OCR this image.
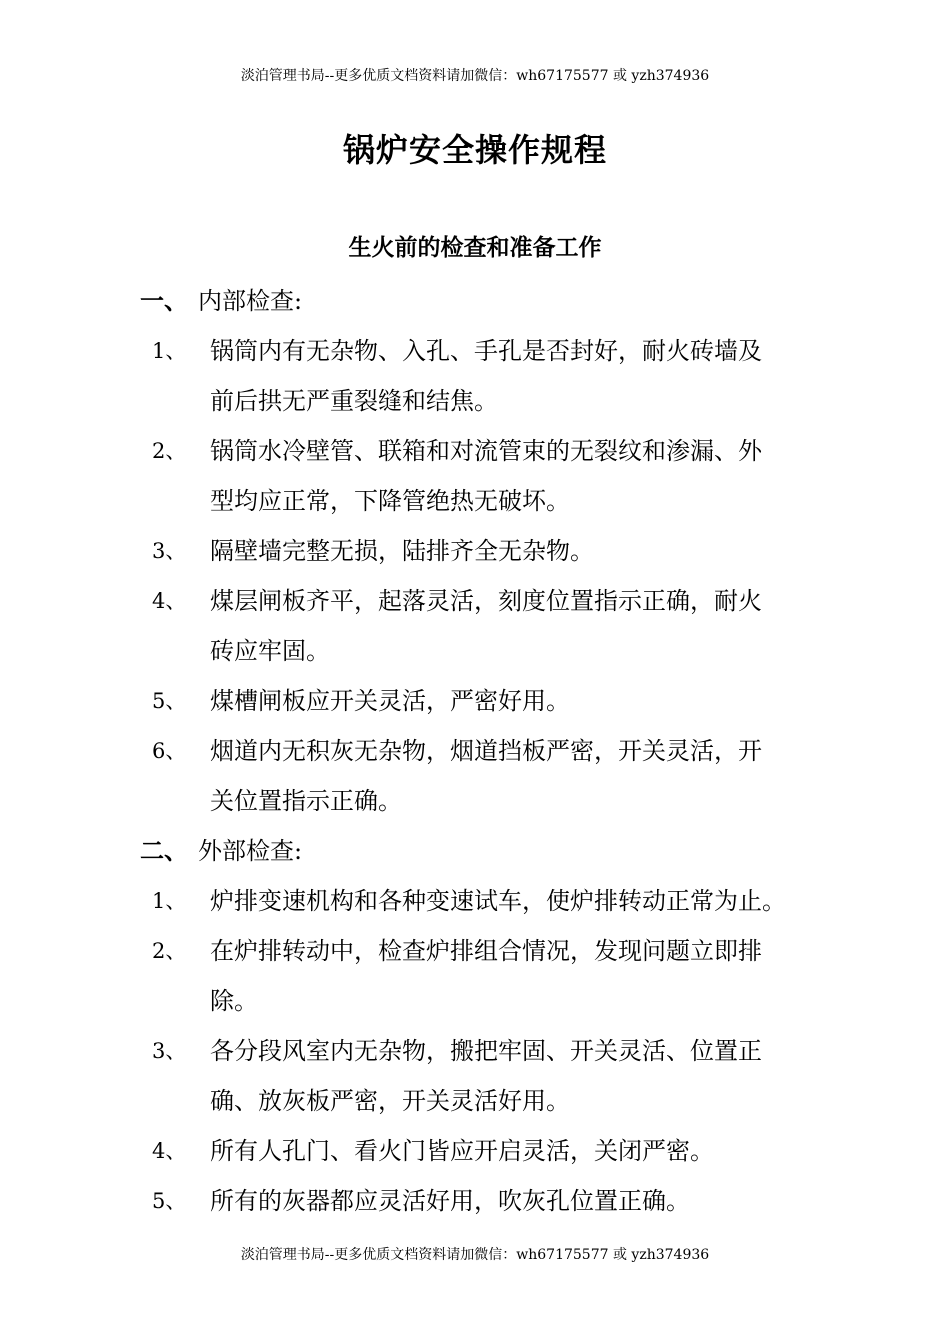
淡泊管理书局--更多优质文档资料请加微信：wh67175577 或 yzh374936
锅炉安全操作规程
生火前的检查和准备工作
一、 内部检查:
1、 锅筒内有无杂物、入孔、手孔是否封好，耐火砖墙及
前后拱无严重裂缝和结焦。
2、 锅筒水冷壁管、联箱和对流管束的无裂纹和渗漏、外
型均应正常，下降管绝热无破坏。
3、 隔壁墙完整无损，陆排齐全无杂物。
4、 煤层闸板齐平，起落灵活，刻度位置指示正确，耐火
砖应牢固。
5、 煤槽闸板应开关灵活，严密好用。
6、 烟道内无积灰无杂物，烟道挡板严密，开关灵活，开
关位置指示正确。
二、 外部检查:
1、 炉排变速机构和各种变速试车，使炉排转动正常为止。
2、 在炉排转动中，检查炉排组合情况，发现问题立即排
除。
3、 各分段风室内无杂物，搬把牢固、开关灵活、位置正
确、放灰板严密，开关灵活好用。
4、 所有人孔门、看火门皆应开启灵活，关闭严密。
5、 所有的灰器都应灵活好用，吹灰孔位置正确。
淡泊管理书局--更多优质文档资料请加微信：wh67175577 或 yzh374936
